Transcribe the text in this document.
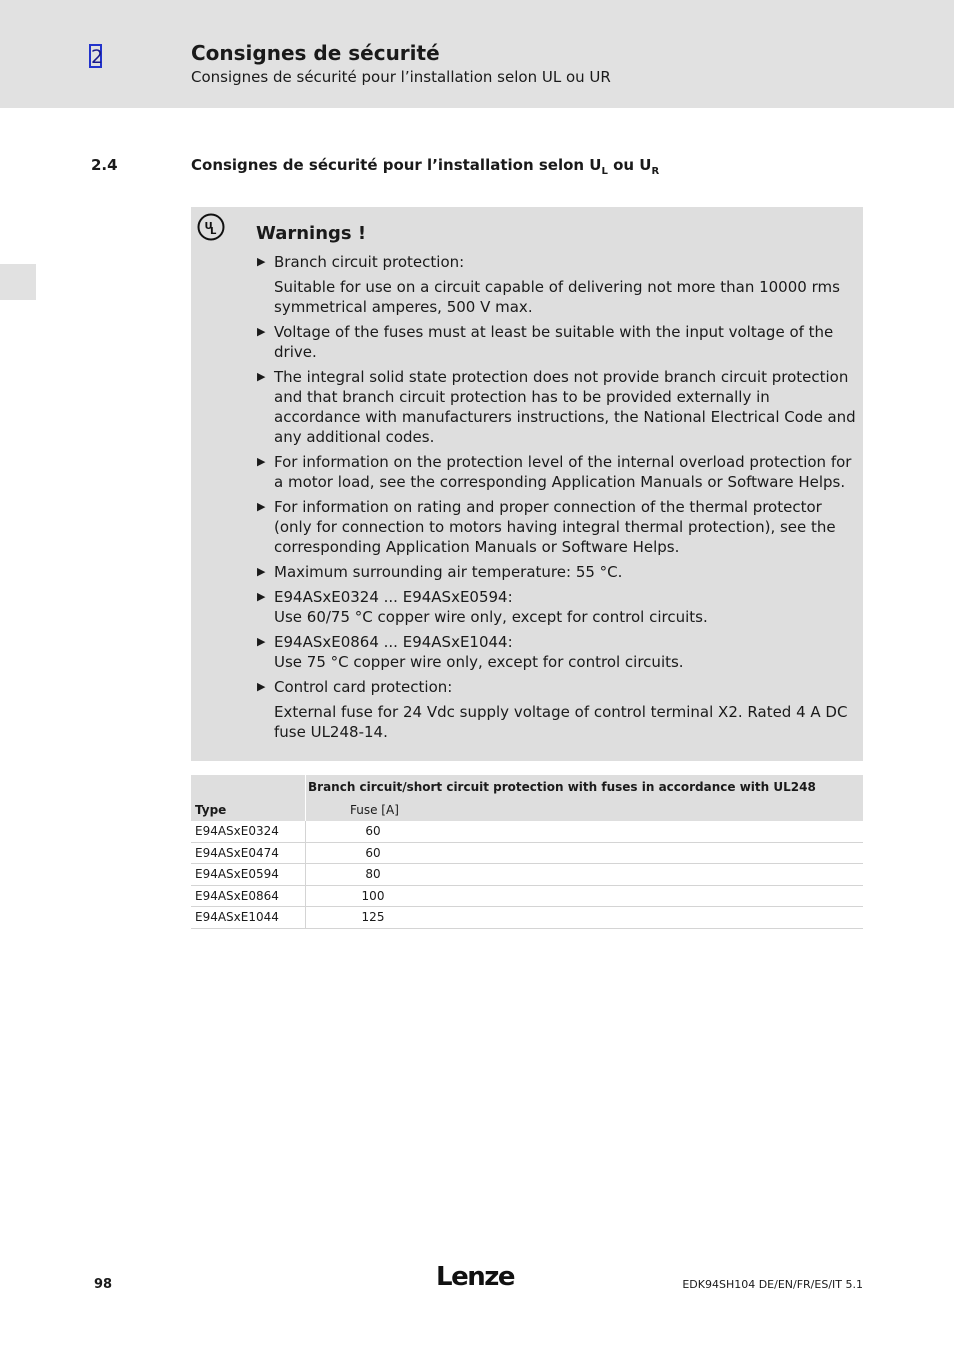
2	Consignes de sécurité
Consignes de sécurité pour l’installation selon UL ou UR
2.4	Consignes de sécurité pour l’installation selon $U_L$ ou $U_R$
U
L Warnings !
▶ Branch circuit protection:
Suitable for use on a circuit capable of delivering not more than 10000 rms symmetrical amperes, 500 V max.
▶ Voltage of the fuses must at least be suitable with the input voltage of the drive.
▶ The integral solid state protection does not provide branch circuit protection and that branch circuit protection has to be provided externally in accordance with manufacturers instructions, the National Electrical Code and any additional codes.
▶ For information on the protection level of the internal overload protection for a motor load, see the corresponding Application Manuals or Software Helps.
▶ For information on rating and proper connection of the thermal protector (only for connection to motors having integral thermal protection), see the corresponding Application Manuals or Software Helps.
▶ Maximum surrounding air temperature: 55 °C.
▶ E94ASxE0324 ... E94ASxE0594:
Use 60/75 °C copper wire only, except for control circuits.
▶ E94ASxE0864 ... E94ASxE1044:
Use 75 °C copper wire only, except for control circuits.
▶ Control card protection:
External fuse for 24 Vdc supply voltage of control terminal X2. Rated 4 A DC fuse UL248-14.
Type
Branch circuit/short circuit protection with fuses in accordance with UL248
Fuse [A]
E94ASxE0324	60
E94ASxE0474	60
E94ASxE0594	80
E94ASxE0864	100
E94ASxE1044	125
98	Lenze	EDK94SH104 DE/EN/FR/ES/IT 5.1
